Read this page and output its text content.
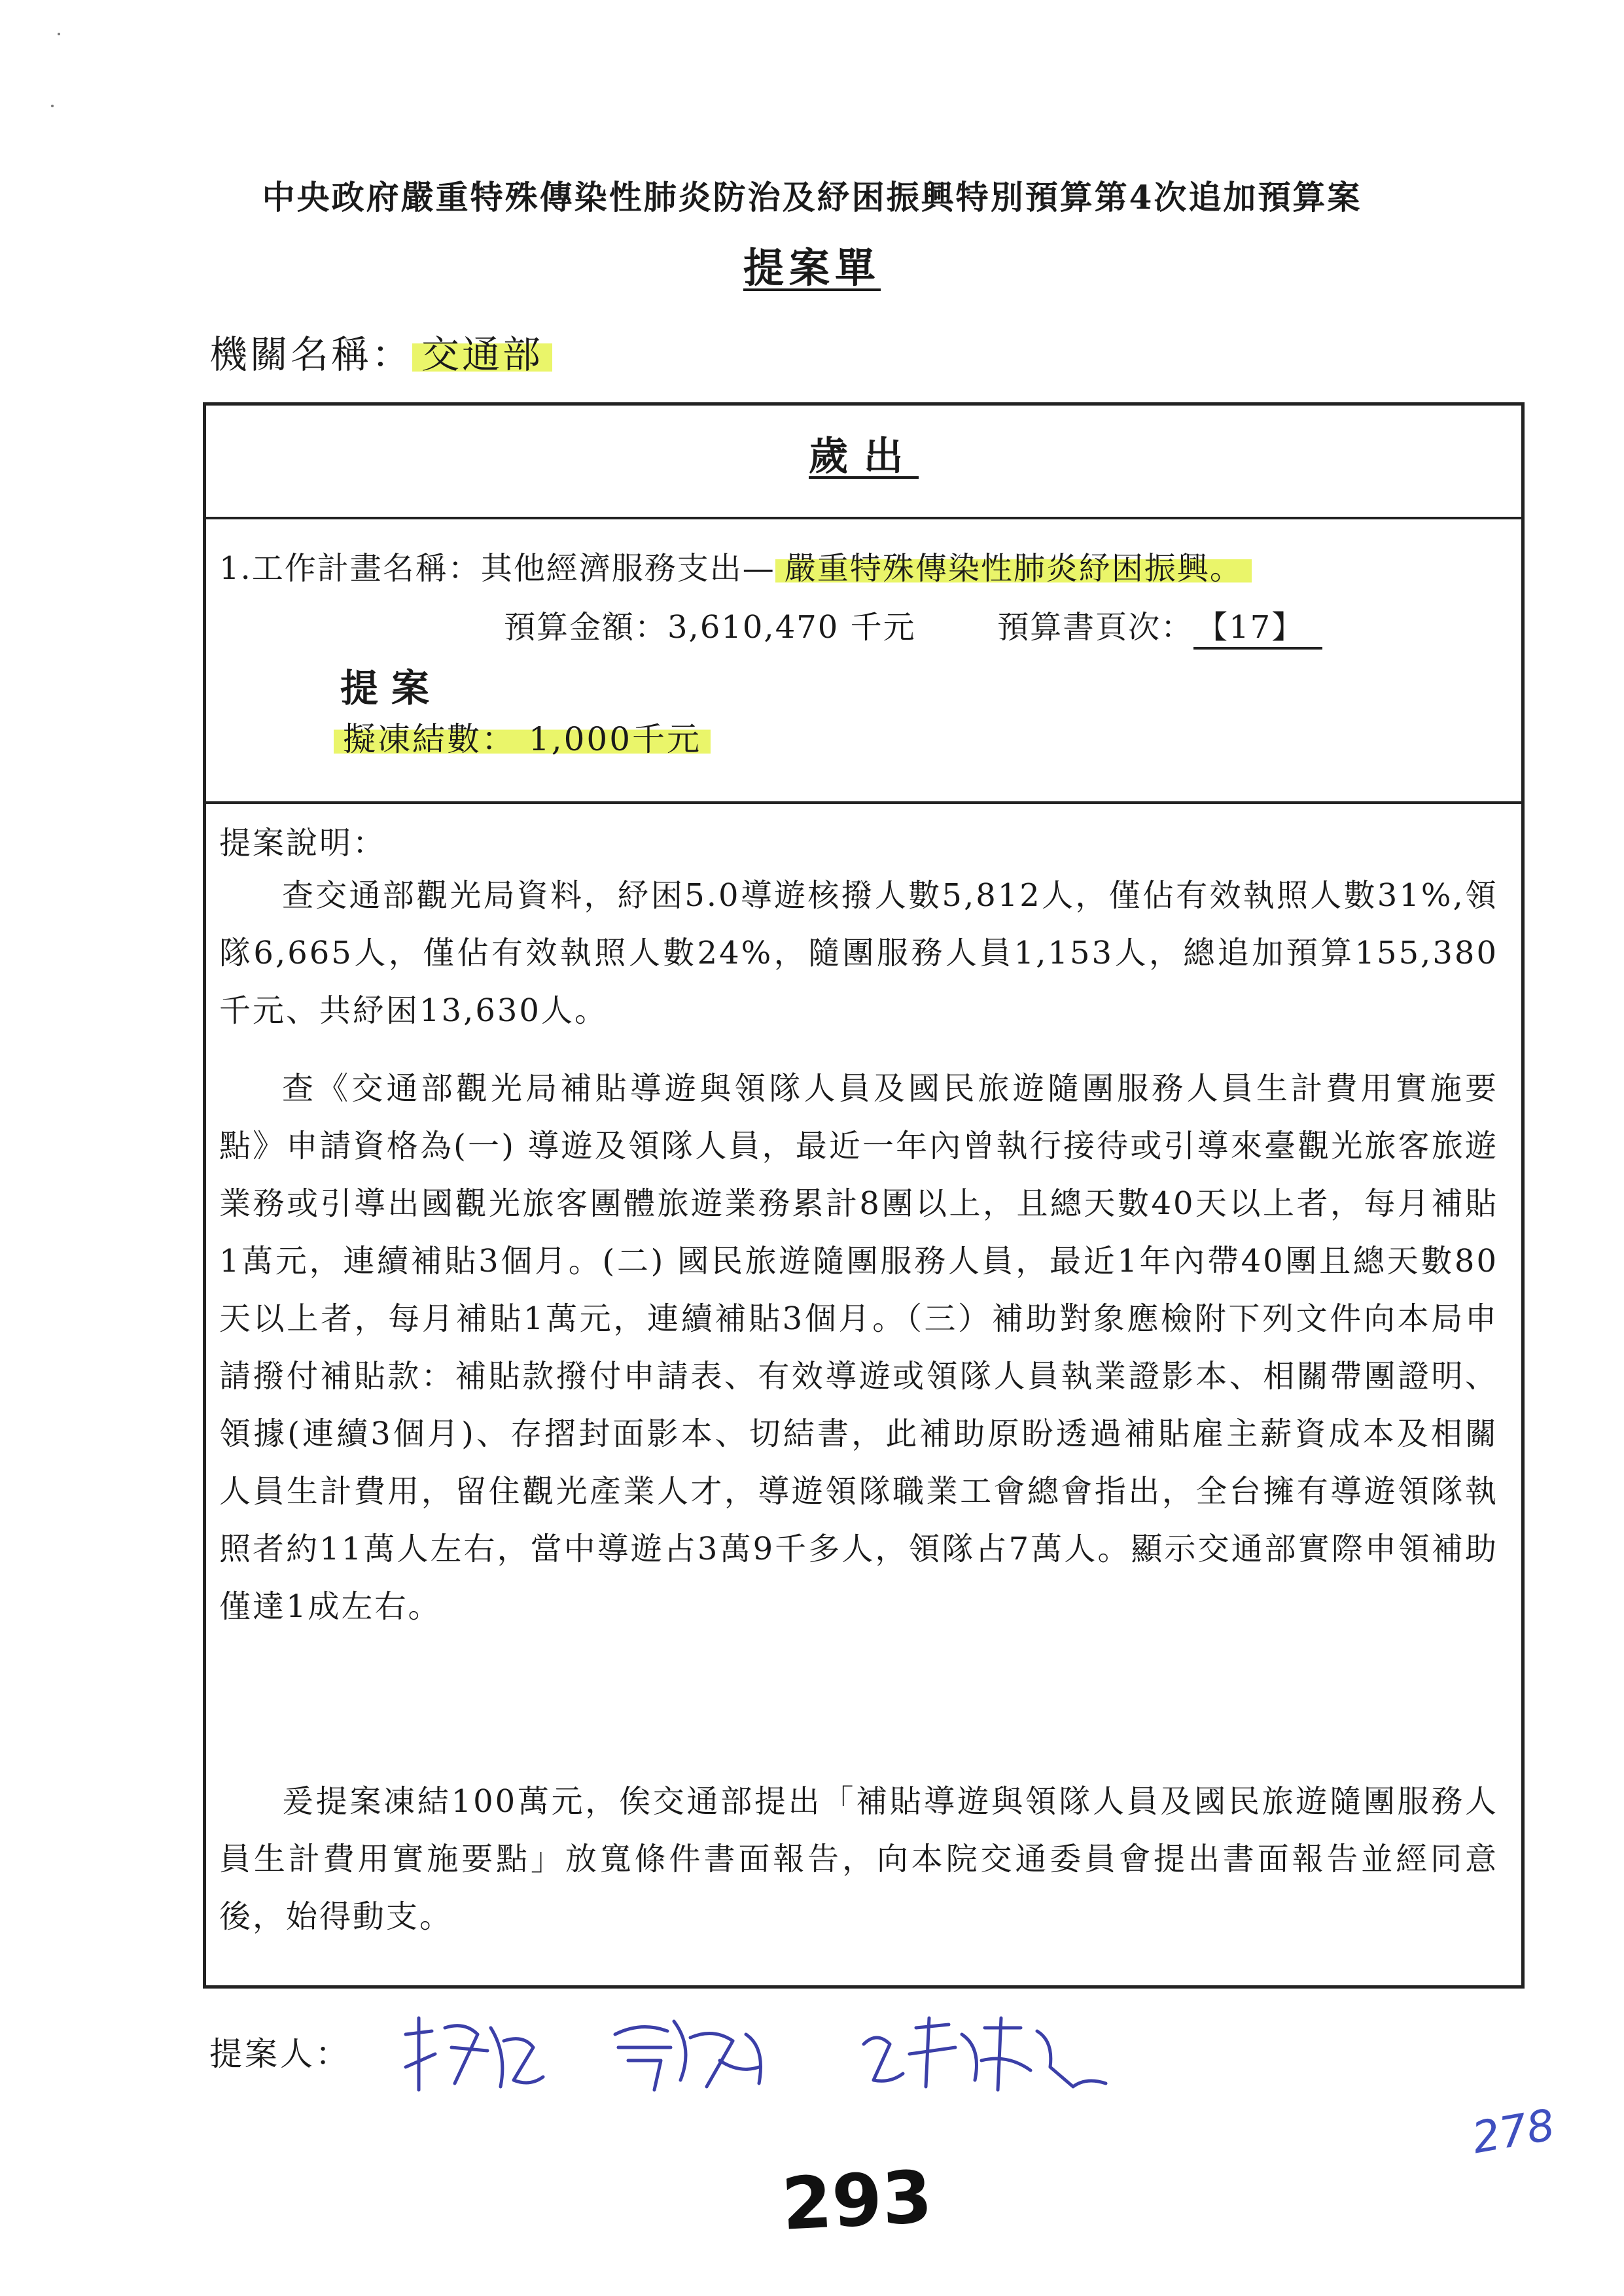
中央政府嚴重特殊傳染性肺炎防治及紓困振興特別預算第4次追加預算案
提案單
機關名稱： 交通部
歲出
1.工作計畫名稱：其他經濟服務支出— 嚴重特殊傳染性肺炎紓困振興。
預算金額：3,610,470 千元	預算書頁次： 【17】
提案
擬凍結數： 1,000千元
提案說明：

查交通部觀光局資料，紓困5.0導遊核撥人數5,812人，僅佔有效執照人數31%,領隊6,665人，僅佔有效執照人數24%，隨團服務人員1,153人，總追加預算155,380千元、共紓困13,630人。

查《交通部觀光局補貼導遊與領隊人員及國民旅遊隨團服務人員生計費用實施要點》申請資格為(一) 導遊及領隊人員，最近一年內曾執行接待或引導來臺觀光旅客旅遊業務或引導出國觀光旅客團體旅遊業務累計8團以上，且總天數40天以上者，每月補貼1萬元，連續補貼3個月。(二) 國民旅遊隨團服務人員，最近1年內帶40團且總天數80天以上者，每月補貼1萬元，連續補貼3個月。（三）補助對象應檢附下列文件向本局申請撥付補貼款：補貼款撥付申請表、有效導遊或領隊人員執業證影本、相關帶團證明、領據(連續3個月)、存摺封面影本、切結書，此補助原盼透過補貼雇主薪資成本及相關人員生計費用，留住觀光產業人才，導遊領隊職業工會總會指出，全台擁有導遊領隊執照者約11萬人左右，當中導遊占3萬9千多人，領隊占7萬人。顯示交通部實際申領補助僅達1成左右。

爰提案凍結100萬元，俟交通部提出「補貼導遊與領隊人員及國民旅遊隨團服務人員生計費用實施要點」放寬條件書面報告，向本院交通委員會提出書面報告並經同意後，始得動支。

提案人：
293
278
